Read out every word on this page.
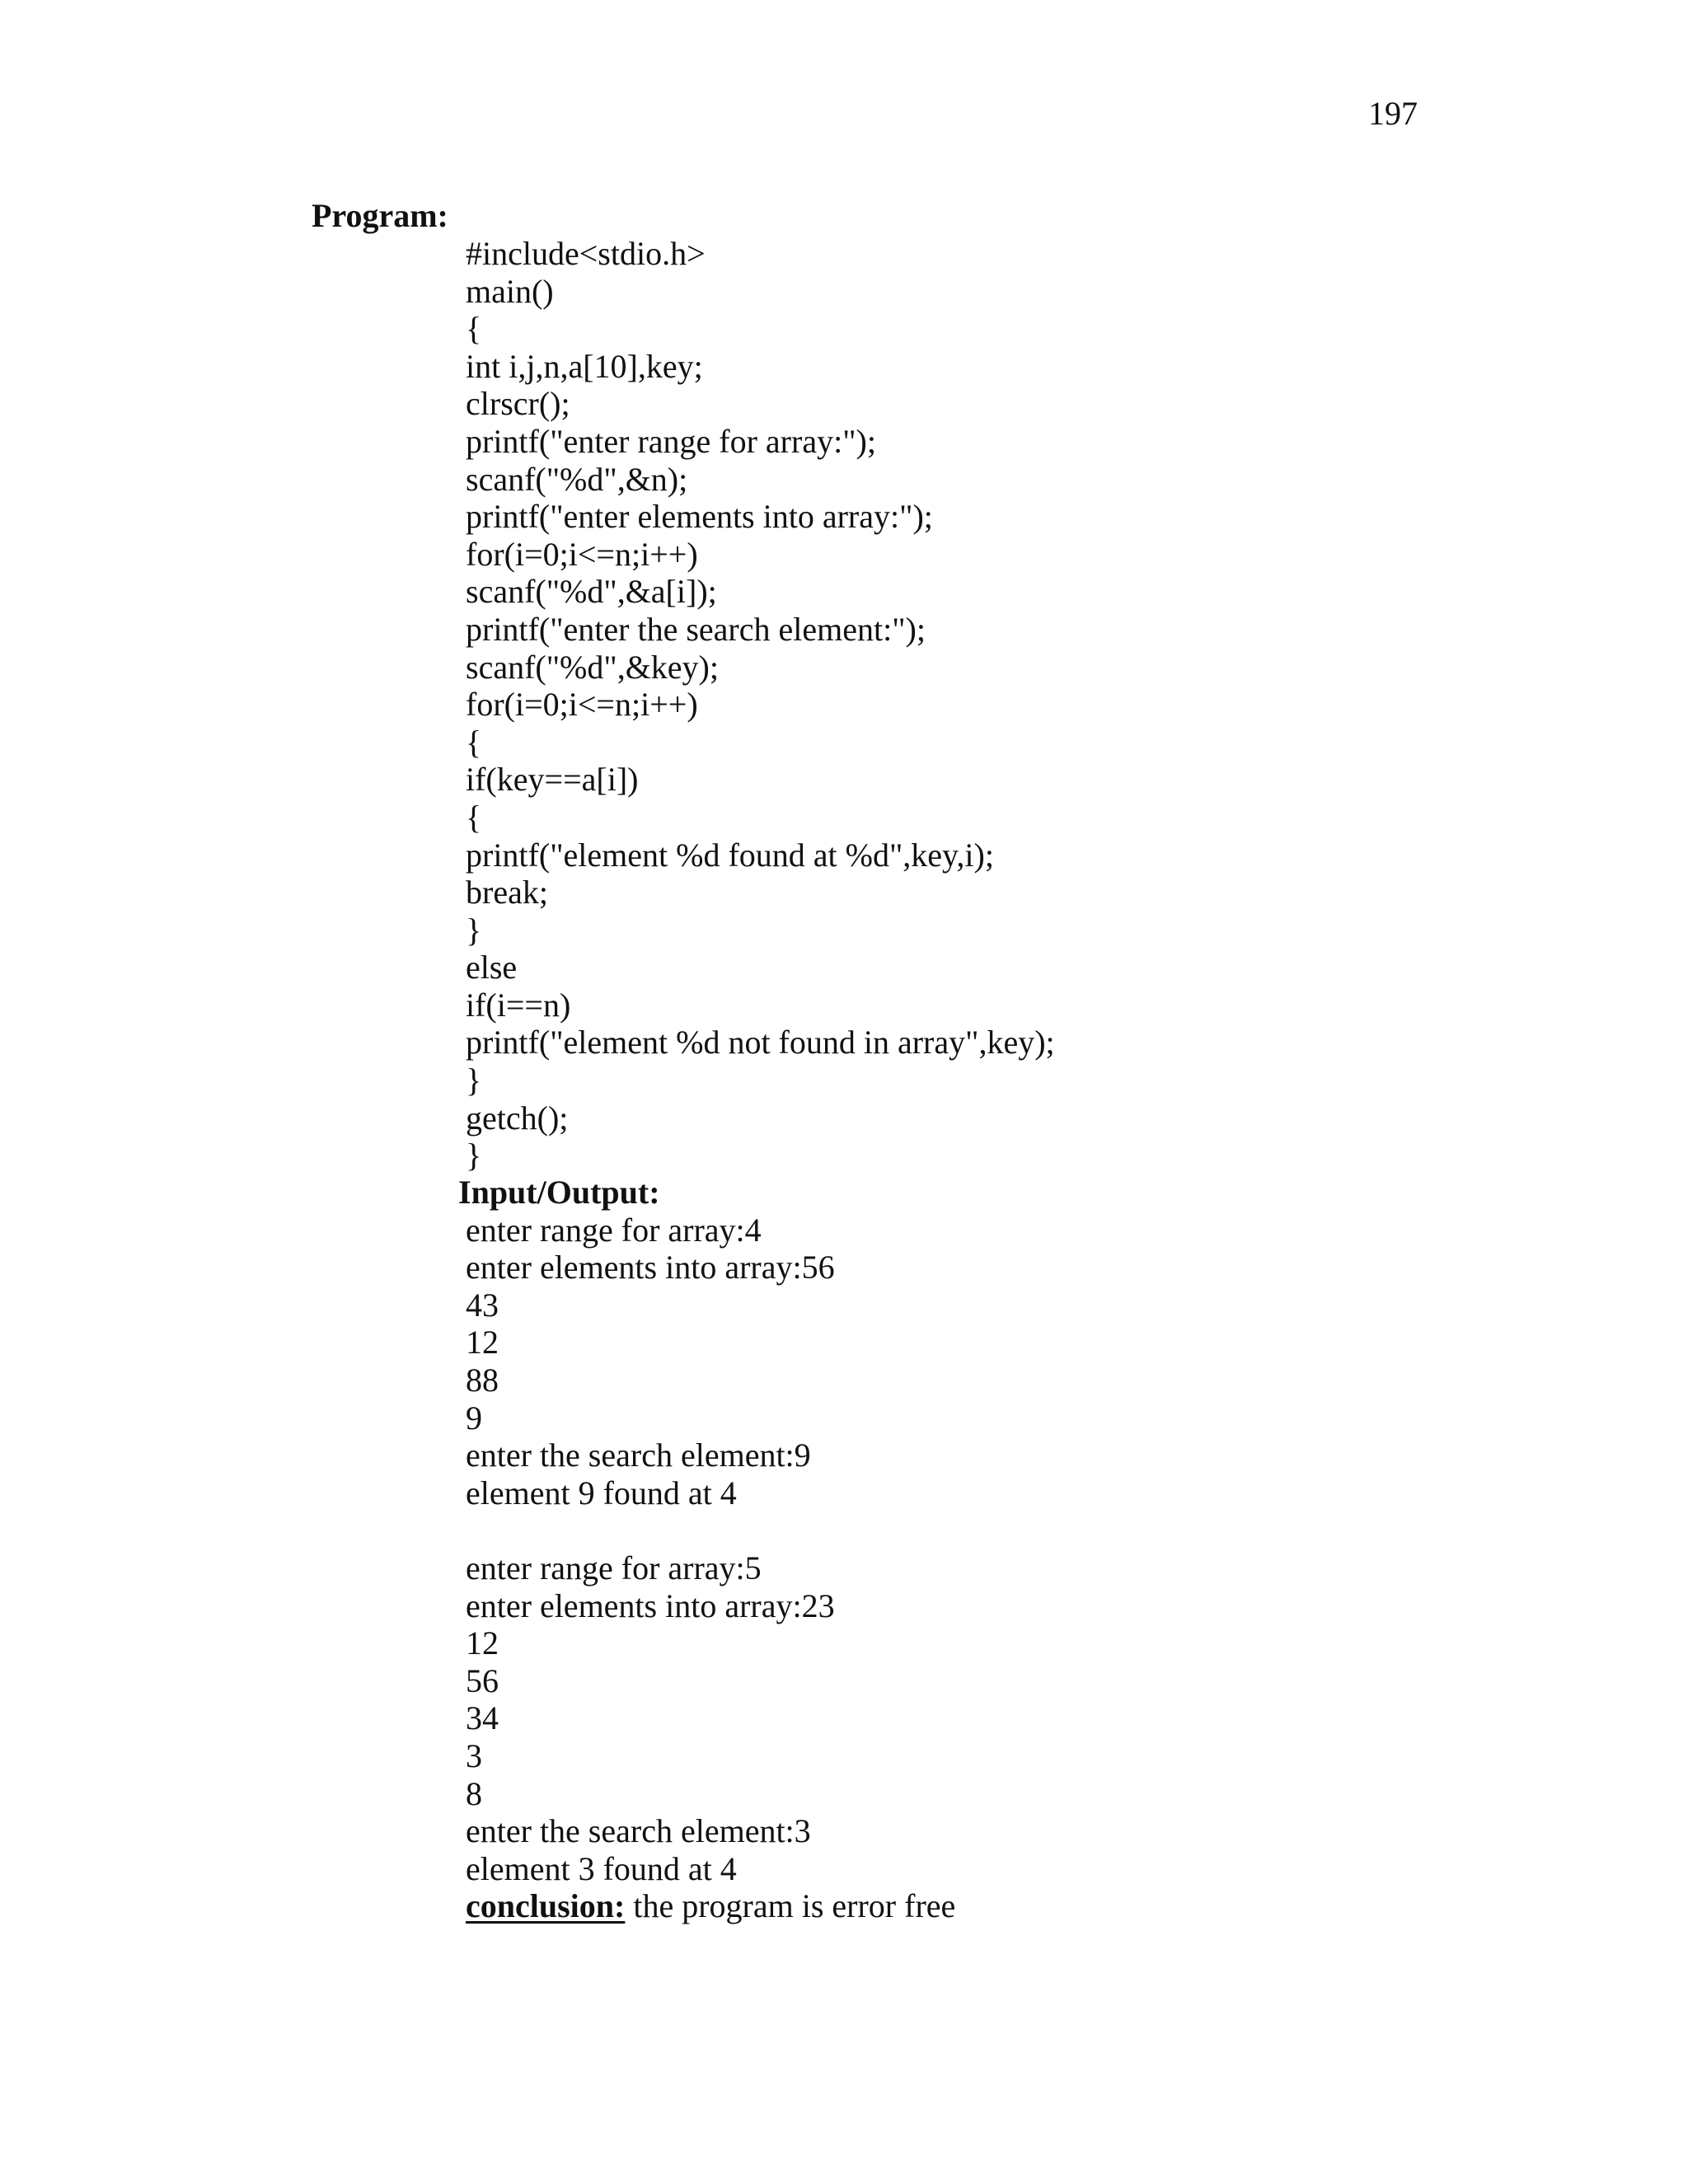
197
Program:
#include<stdio.h>
main()
{
int i,j,n,a[10],key;
clrscr();
printf("enter range for array:");
scanf("%d",&n);
printf("enter elements into array:");
for(i=0;i<=n;i++)
scanf("%d",&a[i]);
printf("enter the search element:");
scanf("%d",&key);
for(i=0;i<=n;i++)
{
if(key==a[i])
{
printf("element %d found at %d",key,i);
break;
}
else
if(i==n)
printf("element %d not found in array",key);
}
getch();
}
Input/Output:
enter range for array:4
enter elements into array:56
43
12
88
9
enter the search element:9
element 9 found at 4
enter range for array:5
enter elements into array:23
12
56
34
3
8
enter the search element:3
element 3 found at 4
conclusion: the program is error free
